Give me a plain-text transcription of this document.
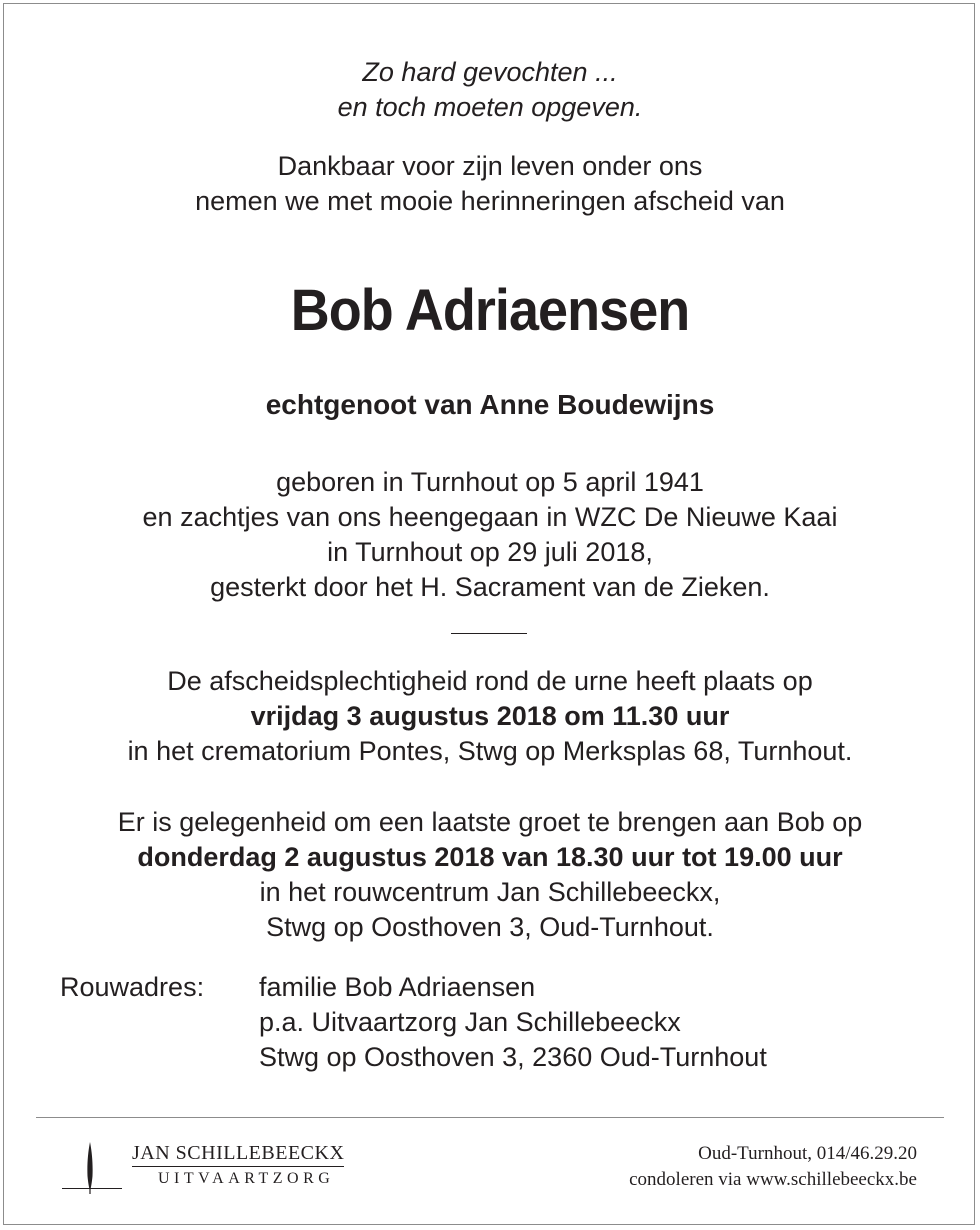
Zo hard gevochten ...
en toch moeten opgeven.
Dankbaar voor zijn leven onder ons
nemen we met mooie herinneringen afscheid van
Bob Adriaensen
echtgenoot van Anne Boudewijns
geboren in Turnhout op 5 april 1941
en zachtjes van ons heengegaan in WZC De Nieuwe Kaai
in Turnhout op 29 juli 2018,
gesterkt door het H. Sacrament van de Zieken.
De afscheidsplechtigheid rond de urne heeft plaats op
vrijdag 3 augustus 2018 om 11.30 uur
in het crematorium Pontes, Stwg op Merksplas 68, Turnhout.
Er is gelegenheid om een laatste groet te brengen aan Bob op
donderdag 2 augustus 2018 van 18.30 uur tot 19.00 uur
in het rouwcentrum Jan Schillebeeckx,
Stwg op Oosthoven 3, Oud-Turnhout.
Rouwadres: familie Bob Adriaensen
p.a. Uitvaartzorg Jan Schillebeeckx
Stwg op Oosthoven 3, 2360 Oud-Turnhout
JAN SCHILLEBEECKX
UITVAARTZORG
Oud-Turnhout, 014/46.29.20
condoleren via www.schillebeeckx.be
